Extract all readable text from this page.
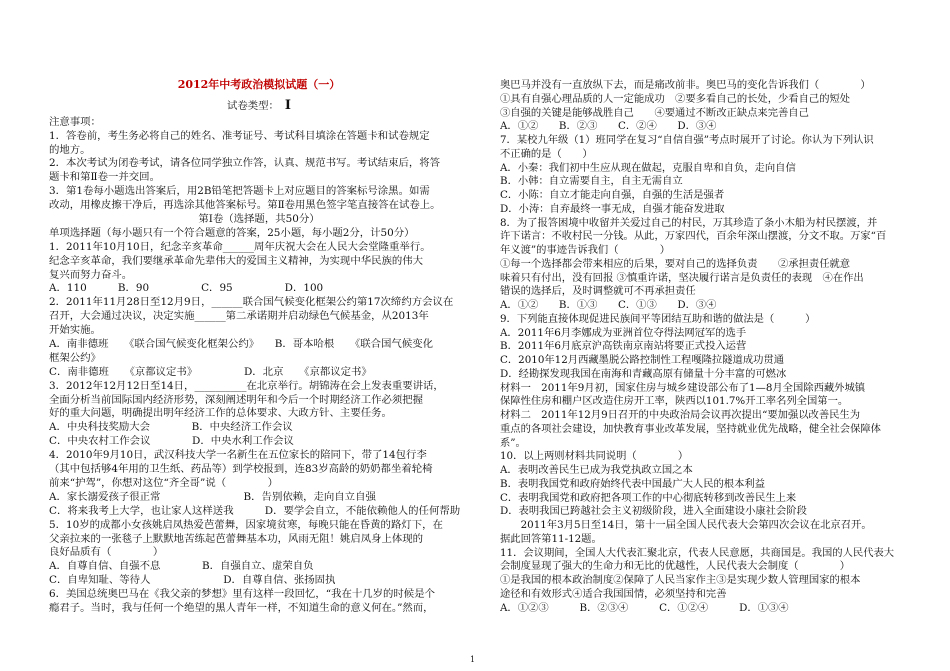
2012年中考政治模拟试题（一）
试卷类型： I
注意事项：
1．答卷前，考生务必将自己的姓名、准考证号、考试科目填涂在答题卡和试卷规定
的地方。
2．本次考试为闭卷考试，请各位同学独立作答，认真、规范书写。考试结束后，将答
题卡和第Ⅱ卷一并交回。
3．第1卷每小题选出答案后，用2B铅笔把答题卡上对应题目的答案标号涂黑。如需
改动，用橡皮擦干净后，再选涂其他答案标号。第Ⅱ卷用黑色签字笔直接答在试卷上。
第Ⅰ卷（选择题，共50分）
单项选择题（每小题只有一个符合题意的答案，25小题，每小题2分，计50分）
1．2011年10月10日，纪念辛亥革命______周年庆祝大会在人民大会堂隆重举行。
纪念辛亥革命，我们要继承革命先辈伟大的爱国主义精神，为实现中华民族的伟大
复兴而努力奋斗。
A．110　　　B．90　　　　　C．95　　　　　D．100
2．2011年11月28日至12月9日，______联合国气候变化框架公约第17次缔约方会议在
召开，大会通过决议，决定实施______第二承诺期并启动绿色气候基金，从2013年
开始实施。
A．南非德班　　《联合国气候变化框架公约》　　B．哥本哈根　　《联合国气候变化
框架公约》
C．南非德班　　《京都议定书》　　　　　D．北京　　《京都议定书》
3．2012年12月12日至14日，__________在北京举行。胡锦涛在会上发表重要讲话，
全面分析当前国际国内经济形势，深刻阐述明年和今后一个时期经济工作必须把握
好的重大问题，明确提出明年经济工作的总体要求、大政方针、主要任务。
A．中央科技奖励大会　　　　B．中央经济工作会议
C．中央农村工作会议　　　　D．中央水利工作会议
4．2010年9月10日，武汉科技大学一名新生在五位家长的陪同下，带了14包行李
（其中包括够4年用的卫生纸、药品等）到学校报到，连83岁高龄的奶奶都坐着轮椅
前来“护驾”，你想对这位“齐全哥”说（　　　　）
A．家长溺爱孩子很正常　　　　　　　　B．告别依赖，走向自立自强
C．将来我考上大学，也让家人这样送我　　　D．要学会自立，不能依赖他人的任何帮助
5．10岁的成都小女孩姚启凤热爱芭蕾舞，因家境贫寒，每晚只能在昏黄的路灯下，在
父亲拉来的一张毯子上默默地苦练起芭蕾舞基本功，风雨无阻！姚启凤身上体现的
良好品质有（　　　　）
A．自尊自信、自强不息　　　　B．自强自立、虚荣自负
C．自卑知耻、等待人　　　　　　　D．自尊自信、张扬固执
6．美国总统奥巴马在《我父亲的梦想》里有这样一段回忆，“我在十几岁的时候是个
瘾君子。当时，我与任何一个绝望的黑人青年一样，不知道生命的意义何在。”然而，
奥巴马并没有一直放纵下去，而是痛改前非。奥巴马的变化告诉我们（　　　　）
①具有自强心理品质的人一定能成功　②要多看自己的长处，少看自己的短处
③自强的关键是能够战胜自己　　④要通过不断改正缺点来完善自己
A．①②　　B．②③　　C．②④　　D．③④
7．某校九年级（1）班同学在复习“自信自强”考点时展开了讨论。你认为下列认识
不正确的是（　　）
A．小秦：我们初中生应从现在做起，克服自卑和自负，走向自信
B．小韩：自立需要自主，自主无需自立
C．小陈：自立才能走向自强，自强的生活是强者
D．小涛：自弃最终一事无成，自强才能奋发进取
8．为了报答困境中收留并关爱过自己的村民，万其珍造了条小木船为村民摆渡，并
许下诺言：不收村民一分钱。从此，万家四代，百余年深山摆渡，分文不取。万家“百
年义渡”的事迹告诉我们（　　　　）
①每一个选择都会带来相应的后果，要对自己的选择负责　　②承担责任就意
味着只有付出，没有回报 ③慎重许诺，坚决履行诺言是负责任的表现　④在作出
错误的选择后，及时调整就可不再承担责任
A．①②　　B．①③　　C．①③　　D．③④
9．下列能直接体现促进民族间平等团结互助和谐的做法是（　　　）
A．2011年6月李娜成为亚洲首位夺得法网冠军的选手
B．2011年6月底京沪高铁南京南站将要正式投入运营
C．2010年12月西藏墨脱公路控制性工程嘎隆拉隧道成功贯通
D．经勘探发现我国在南海和青藏高原有储量十分丰富的可燃冰
材料一　2011年9月初，国家住房与城乡建设部公布了1—8月全国除西藏外城镇
保障性住房和棚户区改造住房开工率，陕西以101.7%开工率名列全国第一。
材料二　2011年12月9日召开的中央政治局会议再次提出“要加强以改善民生为
重点的各项社会建设，加快教育事业改革发展，坚持就业优先战略，健全社会保障体
系”。
10．以上两则材料共同说明（　　　　）
A．表明改善民生已成为我党执政立国之本
B．表明我国党和政府始终代表中国最广大人民的根本利益
C．表明我国党和政府把各项工作的中心彻底转移到改善民生上来
D．表明我国已跨越社会主义初级阶段，进入全面建设小康社会阶段
　　2011年3月5日至14日，第十一届全国人民代表大会第四次会议在北京召开。
据此回答第11-12题。
11．会议期间，全国人大代表汇聚北京，代表人民意愿，共商国是。我国的人民代表大
会制度显现了强大的生命力和无比的优越性，人民代表大会制度（　　　　）
①是我国的根本政治制度②保障了人民当家作主③是实现少数人管理国家的根本
途径和有效形式④适合我国国情，必须坚持和完善
A．①②③　　　B．②③④　　　C．①②④　　　D．①③④
1
